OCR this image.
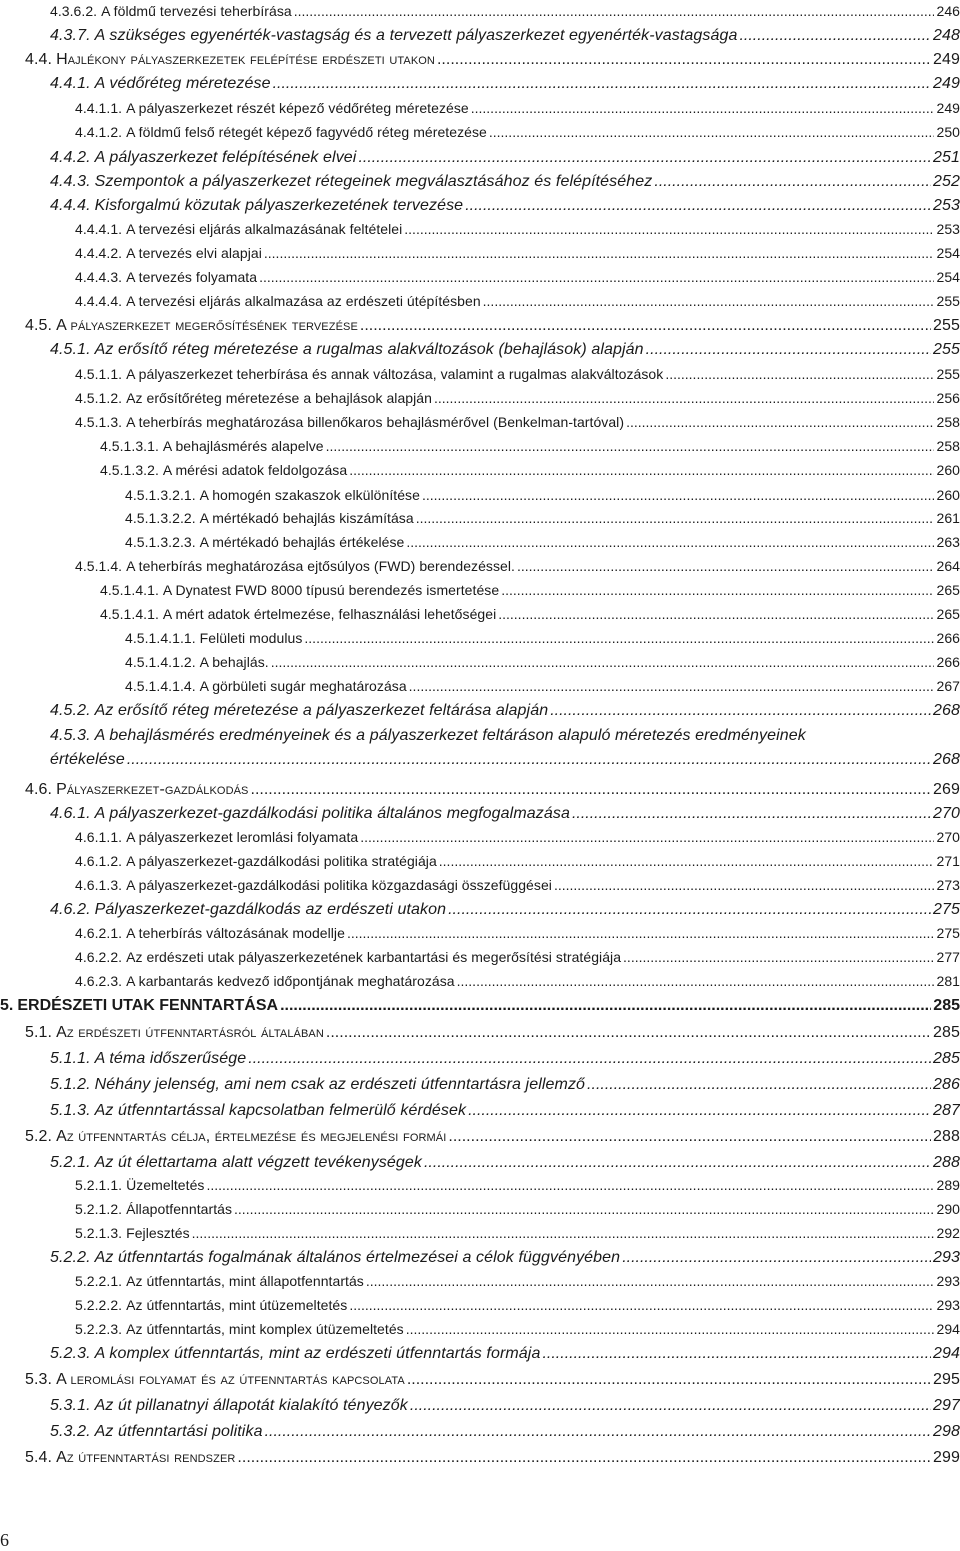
4.3.6.2. A földmű tervezési teherbírása .....	246
4.3.7. A szükséges egyenérték-vastagság és a tervezett pályaszerkezet egyenérték-vastagsága .....	248
4.4. Hajlékony pályaszerkezetek felépítése erdészeti utakon .....	249
4.4.1. A védőréteg méretezése .....	249
4.4.1.1. A pályaszerkezet részét képező védőréteg méretezése .....	249
4.4.1.2. A földmű felső rétegét képező fagyvédő réteg méretezése .....	250
4.4.2. A pályaszerkezet felépítésének elvei .....	251
4.4.3. Szempontok a pályaszerkezet rétegeinek megválasztásához és felépítéséhez .....	252
4.4.4. Kisforgalmú közutak pályaszerkezetének tervezése .....	253
4.4.4.1. A tervezési eljárás alkalmazásának feltételei .....	253
4.4.4.2. A tervezés elvi alapjai .....	254
4.4.4.3. A tervezés folyamata .....	254
4.4.4.4. A tervezési eljárás alkalmazása az erdészeti útépítésben .....	255
4.5. A pályaszerkezet megerősítésének tervezése .....	255
4.5.1. Az erősítő réteg méretezése a rugalmas alakváltozások (behajlások) alapján .....	255
4.5.1.1. A pályaszerkezet teherbírása és annak változása, valamint a rugalmas alakváltozások .....	255
4.5.1.2. Az erősítőréteg méretezése a behajlások alapján .....	256
4.5.1.3. A teherbírás meghatározása billenőkaros behajlásmérővel (Benkelman-tartóval) .....	258
4.5.1.3.1. A behajlásmérés alapelve .....	258
4.5.1.3.2. A mérési adatok feldolgozása .....	260
4.5.1.3.2.1. A homogén szakaszok elkülönítése .....	260
4.5.1.3.2.2. A mértékadó behajlás kiszámítása .....	261
4.5.1.3.2.3. A mértékadó behajlás értékelése .....	263
4.5.1.4. A teherbírás meghatározása ejtősúlyos (FWD) berendezéssel. .....	264
4.5.1.4.1. A Dynatest FWD 8000 típusú berendezés ismertetése .....	265
4.5.1.4.1. A mért adatok értelmezése, felhasználási lehetőségei .....	265
4.5.1.4.1.1. Felületi modulus .....	266
4.5.1.4.1.2. A behajlás. .....	266
4.5.1.4.1.4. A görbületi sugár meghatározása .....	267
4.5.2. Az erősítő réteg méretezése a pályaszerkezet feltárása alapján .....	268
4.5.3. A behajlásmérés eredményeinek és a pályaszerkezet feltáráson alapuló méretezés eredményeinek
értékelése .....	268
4.6. Pályaszerkezet-gazdálkodás .....	269
4.6.1. A pályaszerkezet-gazdálkodási politika általános megfogalmazása .....	270
4.6.1.1. A pályaszerkezet leromlási folyamata .....	270
4.6.1.2. A pályaszerkezet-gazdálkodási politika stratégiája .....	271
4.6.1.3. A pályaszerkezet-gazdálkodási politika közgazdasági összefüggései .....	273
4.6.2. Pályaszerkezet-gazdálkodás az erdészeti utakon .....	275
4.6.2.1. A teherbírás változásának modellje .....	275
4.6.2.2. Az erdészeti utak pályaszerkezetének karbantartási és megerősítési stratégiája .....	277
4.6.2.3. A karbantarás kedvező időpontjának meghatározása .....	281
5. ERDÉSZETI UTAK FENNTARTÁSA .....	285
5.1. Az erdészeti útfenntartásról általában .....	285
5.1.1. A téma időszerűsége .....	285
5.1.2. Néhány jelenség, ami nem csak az erdészeti útfenntartásra jellemző .....	286
5.1.3. Az útfenntartással kapcsolatban felmerülő kérdések .....	287
5.2. Az útfenntartás célja, értelmezése és megjelenési formái .....	288
5.2.1. Az út élettartama alatt végzett tevékenységek .....	288
5.2.1.1. Üzemeltetés .....	289
5.2.1.2. Állapotfenntartás .....	290
5.2.1.3. Fejlesztés .....	292
5.2.2. Az útfenntartás fogalmának általános értelmezései a célok függvényében .....	293
5.2.2.1. Az útfenntartás, mint állapotfenntartás .....	293
5.2.2.2. Az útfenntartás, mint útüzemeltetés .....	293
5.2.2.3. Az útfenntartás, mint komplex útüzemeltetés .....	294
5.2.3. A komplex útfenntartás, mint az erdészeti útfenntartás formája .....	294
5.3. A leromlási folyamat és az útfenntartás kapcsolata .....	295
5.3.1. Az út pillanatnyi állapotát kialakító tényezők .....	297
5.3.2. Az útfenntartási politika .....	298
5.4. Az útfenntartási rendszer .....	299
6
